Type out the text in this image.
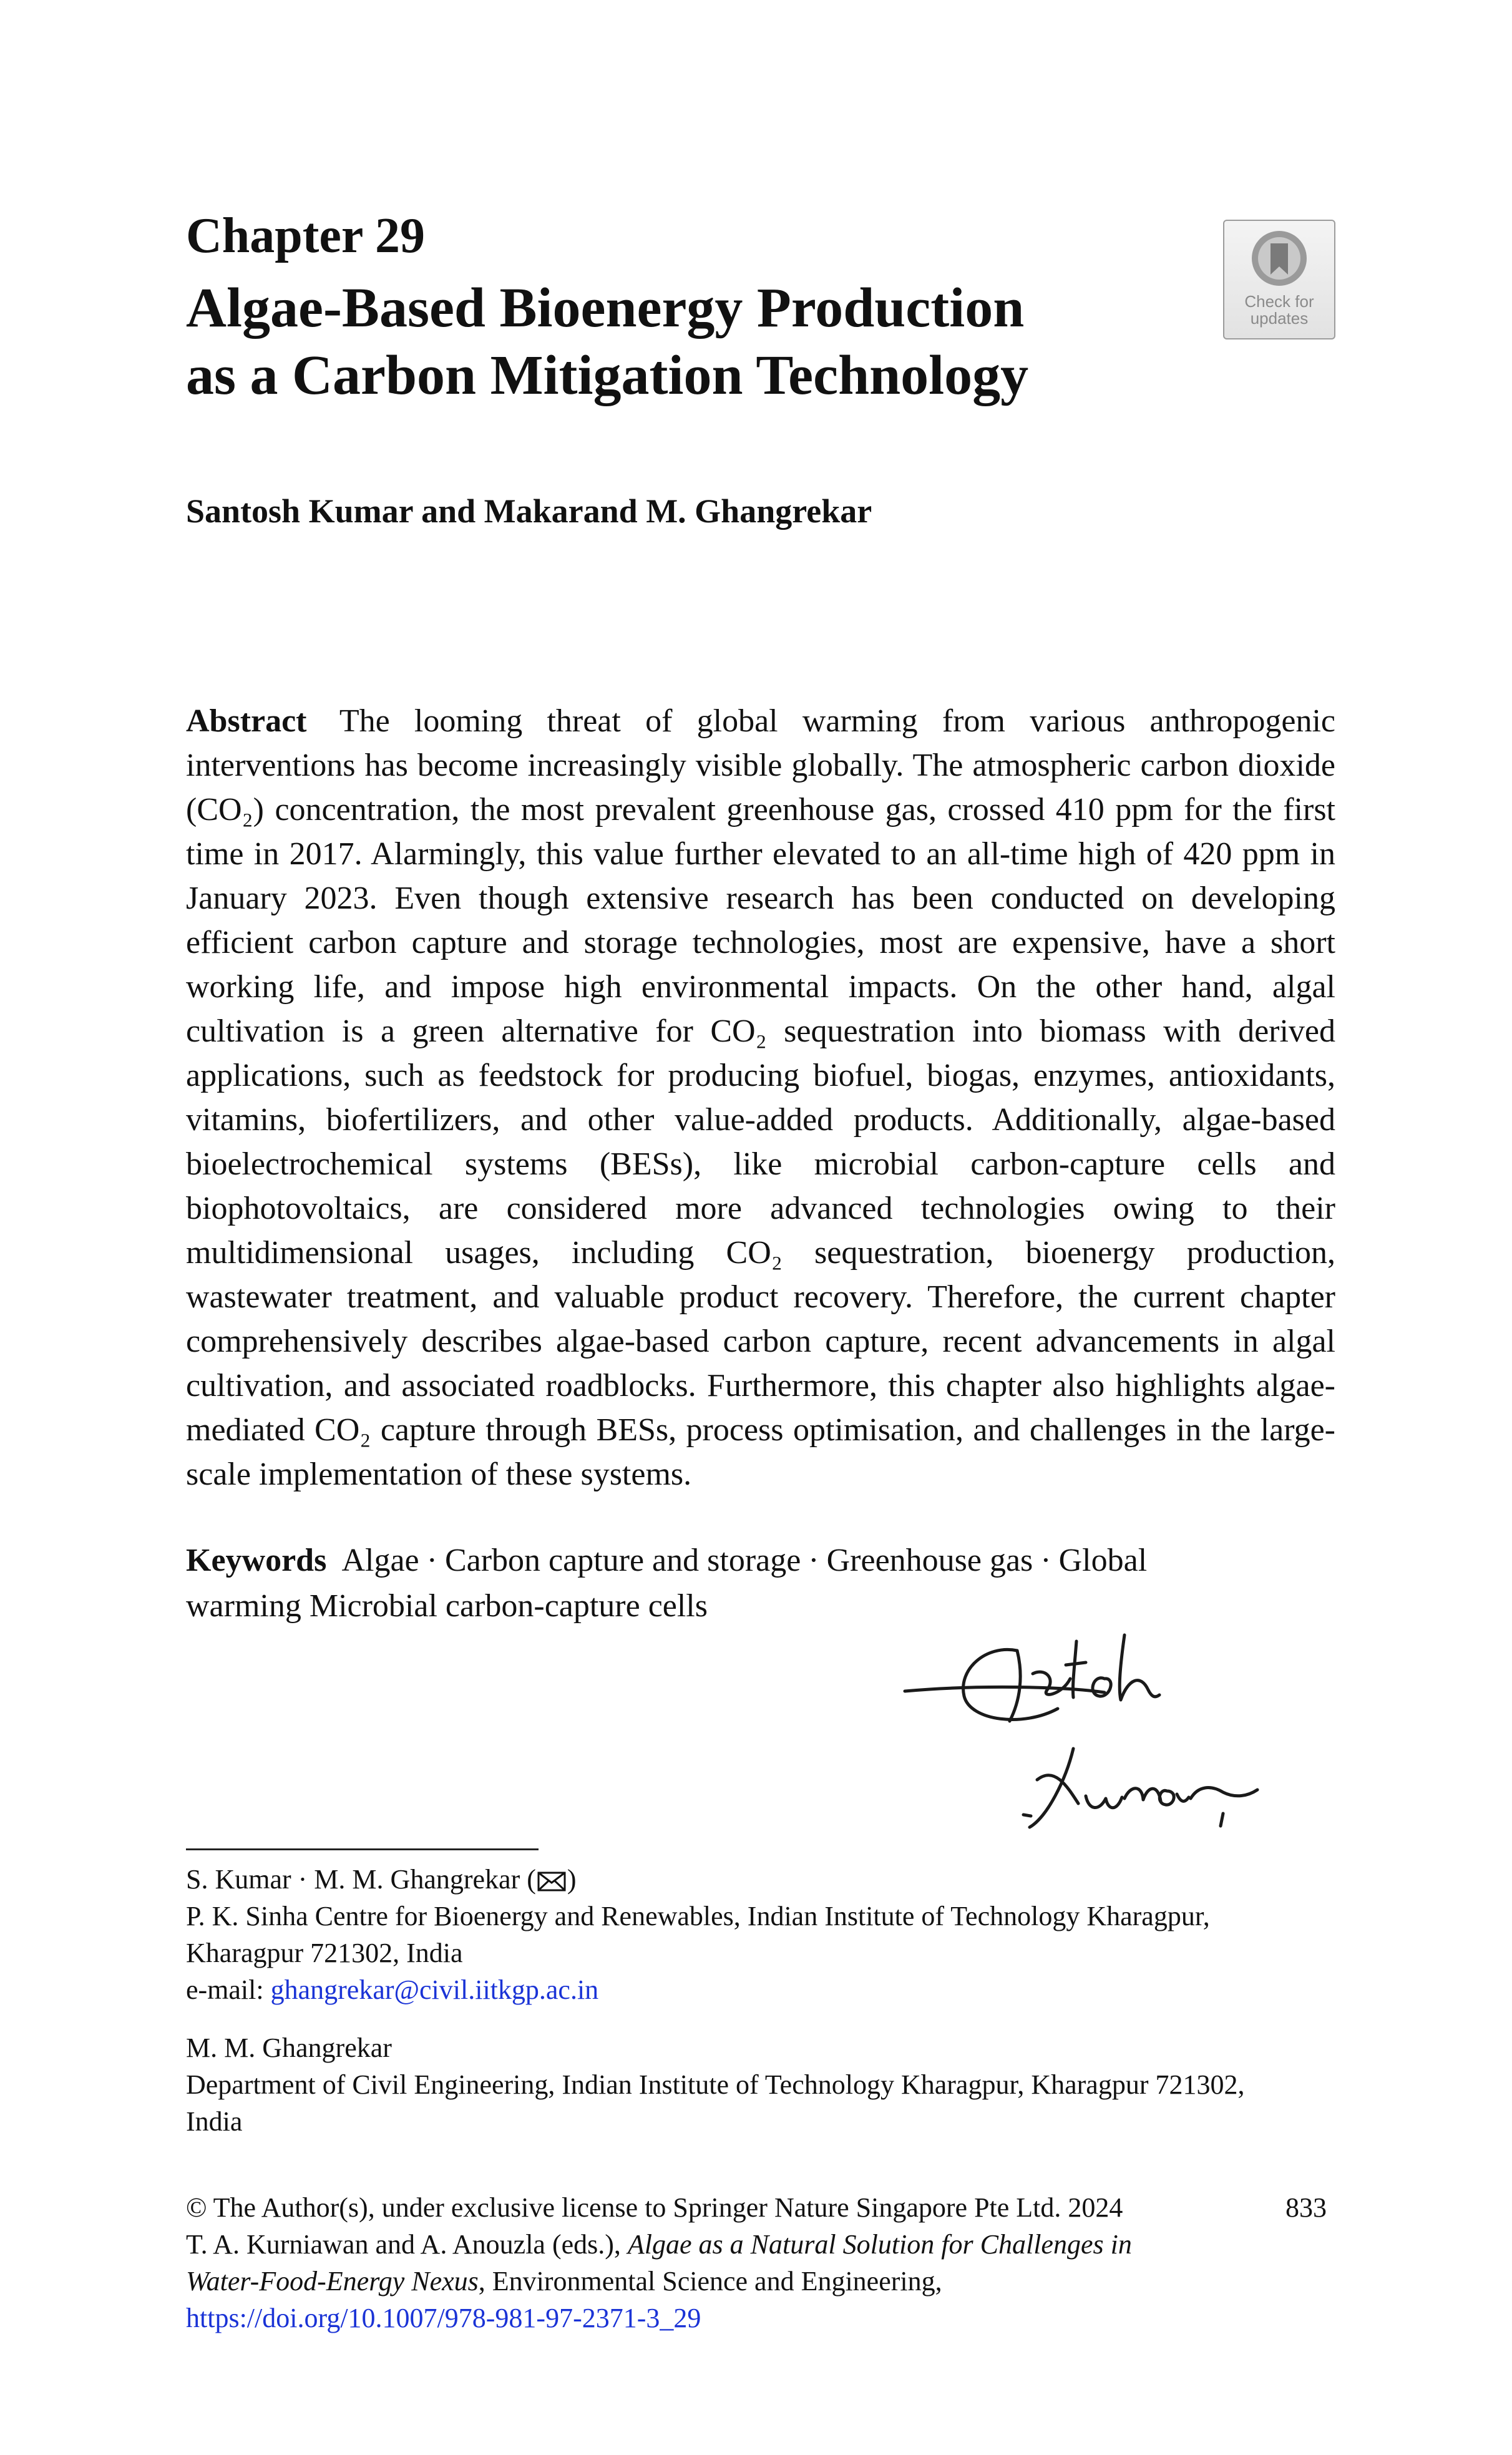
Chapter 29
Algae-Based Bioenergy Production
as a Carbon Mitigation Technology
Check for
updates
Santosh Kumar and Makarand M. Ghangrekar

Abstract The looming threat of global warming from various anthropogenic interventions has become increasingly visible globally. The atmospheric carbon dioxide (CO₂) concentration, the most prevalent greenhouse gas, crossed 410 ppm for the first time in 2017. Alarmingly, this value further elevated to an all-time high of 420 ppm in January 2023. Even though extensive research has been conducted on developing efficient carbon capture and storage technologies, most are expensive, have a short working life, and impose high environmental impacts. On the other hand, algal cultivation is a green alternative for CO₂ sequestration into biomass with derived applications, such as feedstock for producing biofuel, biogas, enzymes, antioxidants, vitamins, biofertilizers, and other value-added products. Additionally, algae-based bioelectrochemical systems (BESs), like microbial carbon-capture cells and biophotovoltaics, are considered more advanced technologies owing to their multidimensional usages, including CO₂ sequestration, bioenergy production, wastewater treatment, and valuable product recovery. Therefore, the current chapter comprehensively describes algae-based carbon capture, recent advancements in algal cultivation, and associated roadblocks. Furthermore, this chapter also highlights algae-mediated CO₂ capture through BESs, process optimisation, and challenges in the large-scale implementation of these systems.

Keywords Algae · Carbon capture and storage · Greenhouse gas · Global warming Microbial carbon-capture cells

S. Kumar · M. M. Ghangrekar ( )
P. K. Sinha Centre for Bioenergy and Renewables, Indian Institute of Technology Kharagpur,
Kharagpur 721302, India
e-mail: ghangrekar@civil.iitkgp.ac.in

M. M. Ghangrekar
Department of Civil Engineering, Indian Institute of Technology Kharagpur, Kharagpur 721302,
India

© The Author(s), under exclusive license to Springer Nature Singapore Pte Ltd. 2024
T. A. Kurniawan and A. Anouzla (eds.), Algae as a Natural Solution for Challenges in
Water-Food-Energy Nexus, Environmental Science and Engineering,
https://doi.org/10.1007/978-981-97-2371-3_29

833
